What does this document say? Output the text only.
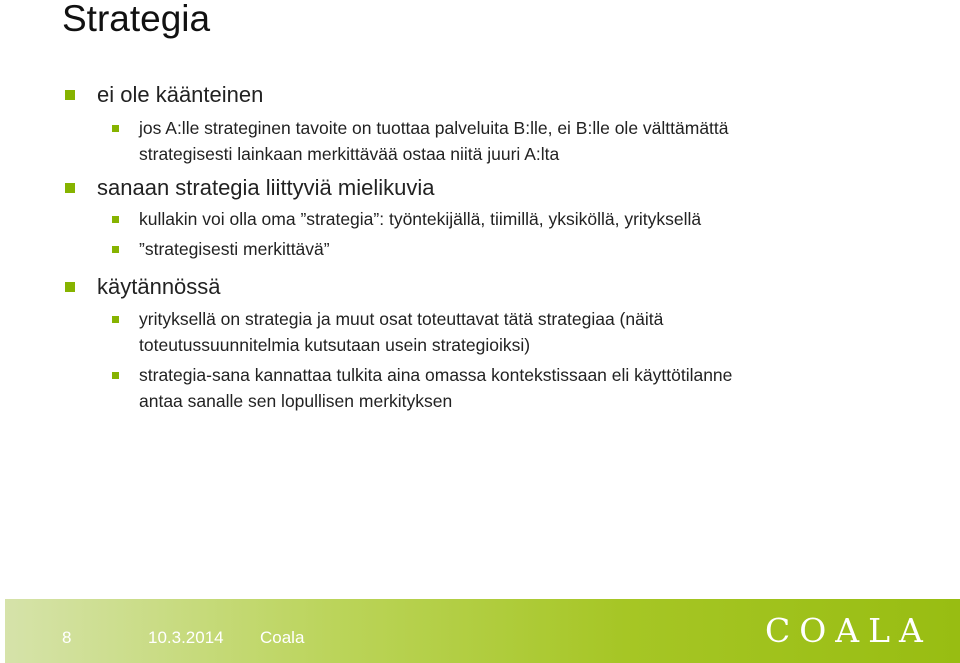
Strategia
ei ole käänteinen
jos A:lle strateginen tavoite on tuottaa palveluita B:lle, ei B:lle ole välttämättä
strategisesti lainkaan merkittävää ostaa niitä juuri A:lta
sanaan strategia liittyviä mielikuvia
kullakin voi olla oma ”strategia”: työntekijällä, tiimillä, yksiköllä, yrityksellä
”strategisesti merkittävä”
käytännössä
yrityksellä on strategia ja muut osat toteuttavat tätä strategiaa (näitä
toteutussuunnitelmia kutsutaan usein strategioiksi)
strategia-sana kannattaa tulkita aina omassa kontekstissaan eli käyttötilanne
antaa sanalle sen lopullisen merkityksen
8	10.3.2014 Coala	COALA
